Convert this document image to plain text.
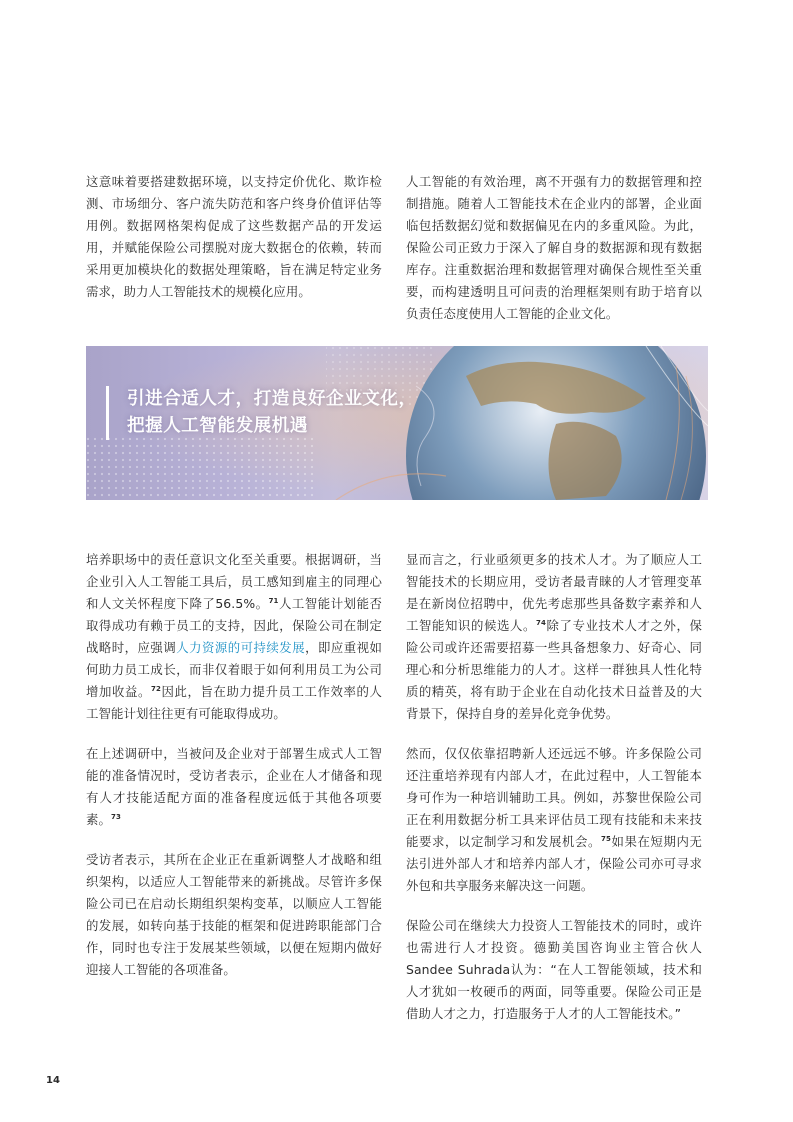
这意味着要搭建数据环境，以支持定价优化、欺诈检测、市场细分、客户流失防范和客户终身价值评估等用例。数据网格架构促成了这些数据产品的开发运用，并赋能保险公司摆脱对庞大数据仓的依赖，转而采用更加模块化的数据处理策略，旨在满足特定业务需求，助力人工智能技术的规模化应用。

人工智能的有效治理，离不开强有力的数据管理和控制措施。随着人工智能技术在企业内的部署，企业面临包括数据幻觉和数据偏见在内的多重风险。为此，保险公司正致力于深入了解自身的数据源和现有数据库存。注重数据治理和数据管理对确保合规性至关重要，而构建透明且可问责的治理框架则有助于培育以负责任态度使用人工智能的企业文化。

引进合适人才，打造良好企业文化，
把握人工智能发展机遇

培养职场中的责任意识文化至关重要。根据调研，当企业引入人工智能工具后，员工感知到雇主的同理心和人文关怀程度下降了56.5%。$^{71}$人工智能计划能否取得成功有赖于员工的支持，因此，保险公司在制定战略时，应强调人力资源的可持续发展，即应重视如何助力员工成长，而非仅着眼于如何利用员工为公司增加收益。$^{72}$因此，旨在助力提升员工工作效率的人工智能计划往往更有可能取得成功。

在上述调研中，当被问及企业对于部署生成式人工智能的准备情况时，受访者表示，企业在人才储备和现有人才技能适配方面的准备程度远低于其他各项要素。$^{73}$

受访者表示，其所在企业正在重新调整人才战略和组织架构，以适应人工智能带来的新挑战。尽管许多保险公司已在启动长期组织架构变革，以顺应人工智能的发展，如转向基于技能的框架和促进跨职能部门合作，同时也专注于发展某些领域，以便在短期内做好迎接人工智能的各项准备。

显而言之，行业亟须更多的技术人才。为了顺应人工智能技术的长期应用，受访者最青睐的人才管理变革是在新岗位招聘中，优先考虑那些具备数字素养和人工智能知识的候选人。$^{74}$除了专业技术人才之外，保险公司或许还需要招募一些具备想象力、好奇心、同理心和分析思维能力的人才。这样一群独具人性化特质的精英，将有助于企业在自动化技术日益普及的大背景下，保持自身的差异化竞争优势。

然而，仅仅依靠招聘新人还远远不够。许多保险公司还注重培养现有内部人才，在此过程中，人工智能本身可作为一种培训辅助工具。例如，苏黎世保险公司正在利用数据分析工具来评估员工现有技能和未来技能要求，以定制学习和发展机会。$^{75}$如果在短期内无法引进外部人才和培养内部人才，保险公司亦可寻求外包和共享服务来解决这一问题。

保险公司在继续大力投资人工智能技术的同时，或许也需进行人才投资。德勤美国咨询业主管合伙人Sandee Suhrada认为：“在人工智能领域，技术和人才犹如一枚硬币的两面，同等重要。保险公司正是借助人才之力，打造服务于人才的人工智能技术。”

14
